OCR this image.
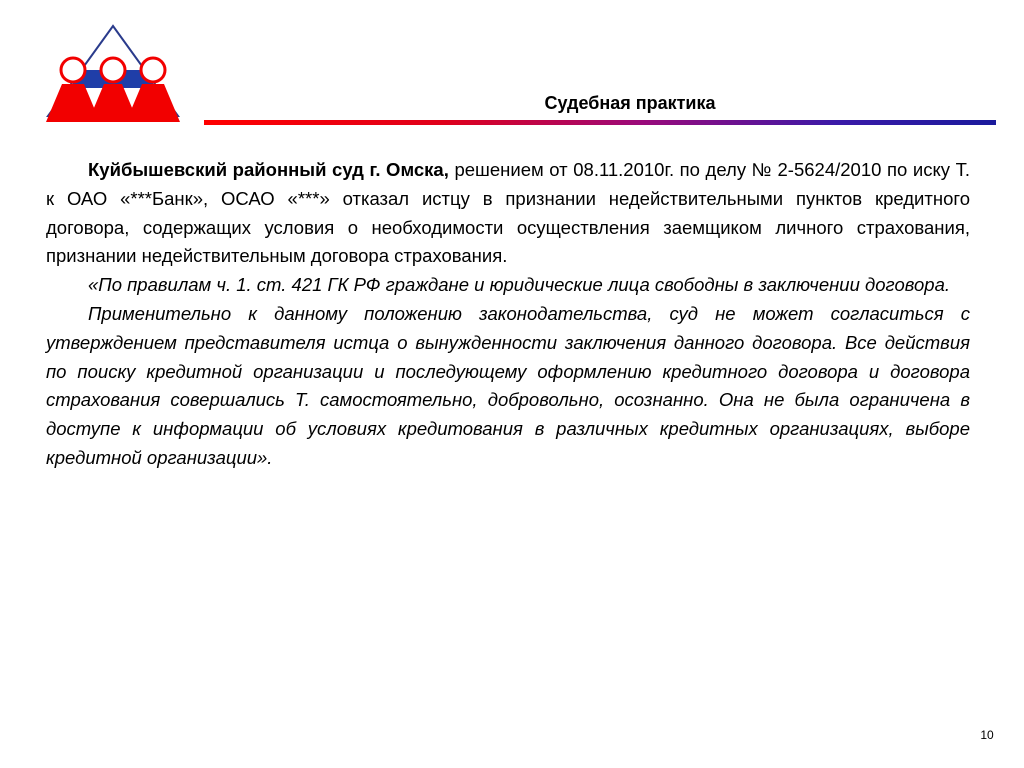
Судебная практика

Куйбышевский районный суд г. Омска, решением от 08.11.2010г. по делу № 2-5624/2010 по иску Т. к ОАО «***Банк», ОСАО «***» отказал истцу в признании недействительными пунктов кредитного договора, содержащих условия о необходимости осуществления заемщиком личного страхования, признании недействительным договора страхования.

«По правилам ч. 1. ст. 421 ГК РФ граждане и юридические лица свободны в заключении договора.

Применительно к данному положению законодательства, суд не может согласиться с утверждением представителя истца о вынужденности заключения данного договора. Все действия по поиску кредитной организации и последующему оформлению кредитного договора и договора страхования совершались Т. самостоятельно, добровольно, осознанно. Она не была ограничена в доступе к информации об условиях кредитования в различных кредитных организациях, выборе кредитной организации».

10
